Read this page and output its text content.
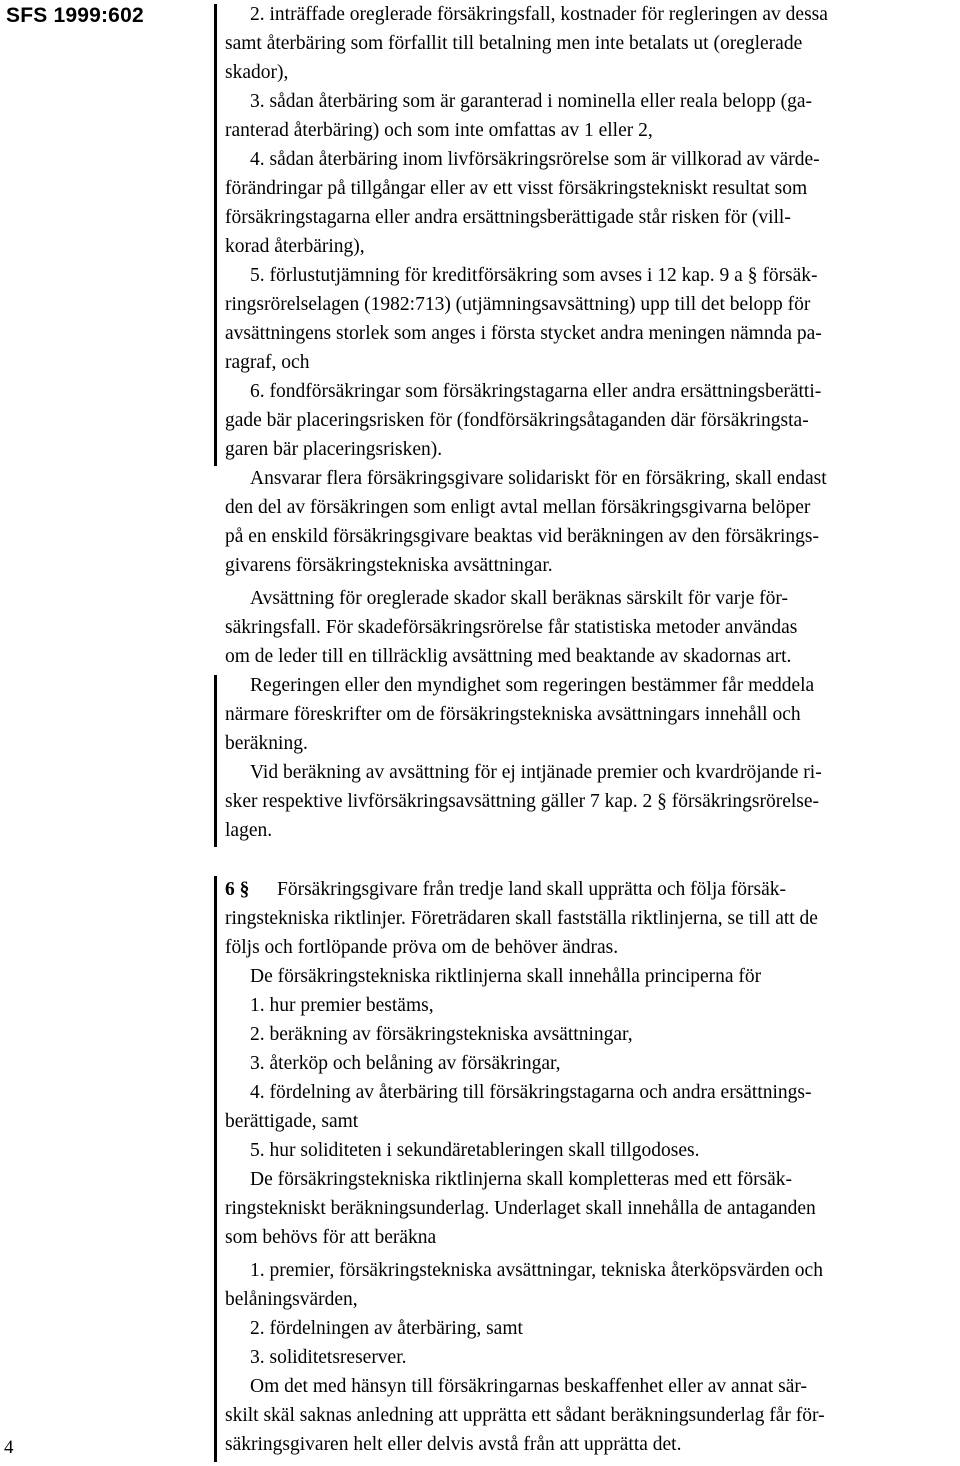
SFS 1999:602
4
2. inträffade oreglerade försäkringsfall, kostnader för regleringen av dessa
samt återbäring som förfallit till betalning men inte betalats ut (oreglerade
skador),
3. sådan återbäring som är garanterad i nominella eller reala belopp (ga-
ranterad återbäring) och som inte omfattas av 1 eller 2,
4. sådan återbäring inom livförsäkringsrörelse som är villkorad av värde-
förändringar på tillgångar eller av ett visst försäkringstekniskt resultat som
försäkringstagarna eller andra ersättningsberättigade står risken för (vill-
korad återbäring),
5. förlustutjämning för kreditförsäkring som avses i 12 kap. 9 a § försäk-
ringsrörelselagen (1982:713) (utjämningsavsättning) upp till det belopp för
avsättningens storlek som anges i första stycket andra meningen nämnda pa-
ragraf, och
6. fondförsäkringar som försäkringstagarna eller andra ersättningsberätti-
gade bär placeringsrisken för (fondförsäkringsåtaganden där försäkringsta-
garen bär placeringsrisken).
Ansvarar flera försäkringsgivare solidariskt för en försäkring, skall endast
den del av försäkringen som enligt avtal mellan försäkringsgivarna belöper
på en enskild försäkringsgivare beaktas vid beräkningen av den försäkrings-
givarens försäkringstekniska avsättningar.
Avsättning för oreglerade skador skall beräknas särskilt för varje för-
säkringsfall. För skadeförsäkringsrörelse får statistiska metoder användas
om de leder till en tillräcklig avsättning med beaktande av skadornas art.
Regeringen eller den myndighet som regeringen bestämmer får meddela
närmare föreskrifter om de försäkringstekniska avsättningars innehåll och
beräkning.
Vid beräkning av avsättning för ej intjänade premier och kvardröjande ri-
sker respektive livförsäkringsavsättning gäller 7 kap. 2 § försäkringsrörelse-
lagen.
6 §	Försäkringsgivare från tredje land skall upprätta och följa försäk-
ringstekniska riktlinjer. Företrädaren skall fastställa riktlinjerna, se till att de
följs och fortlöpande pröva om de behöver ändras.
De försäkringstekniska riktlinjerna skall innehålla principerna för
1. hur premier bestäms,
2. beräkning av försäkringstekniska avsättningar,
3. återköp och belåning av försäkringar,
4. fördelning av återbäring till försäkringstagarna och andra ersättnings-
berättigade, samt
5. hur soliditeten i sekundäretableringen skall tillgodoses.
De försäkringstekniska riktlinjerna skall kompletteras med ett försäk-
ringstekniskt beräkningsunderlag. Underlaget skall innehålla de antaganden
som behövs för att beräkna
1. premier, försäkringstekniska avsättningar, tekniska återköpsvärden och
belåningsvärden,
2. fördelningen av återbäring, samt
3. soliditetsreserver.
Om det med hänsyn till försäkringarnas beskaffenhet eller av annat sär-
skilt skäl saknas anledning att upprätta ett sådant beräkningsunderlag får för-
säkringsgivaren helt eller delvis avstå från att upprätta det.
